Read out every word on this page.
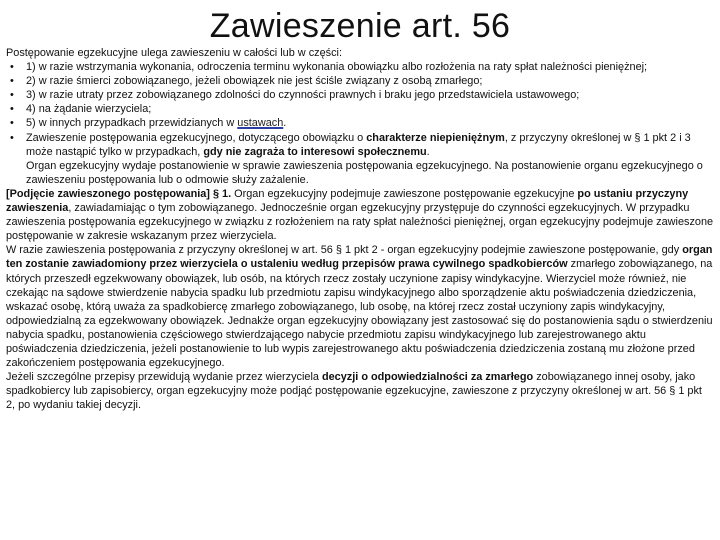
Zawieszenie art. 56

Postępowanie egzekucyjne ulega zawieszeniu w całości lub w części:

• 1) w razie wstrzymania wykonania, odroczenia terminu wykonania obowiązku albo rozłożenia na raty spłat należności pieniężnej;

• 2) w razie śmierci zobowiązanego, jeżeli obowiązek nie jest ściśle związany z osobą zmarłego;

• 3) w razie utraty przez zobowiązanego zdolności do czynności prawnych i braku jego przedstawiciela ustawowego;

• 4) na żądanie wierzyciela;

• 5) w innych przypadkach przewidzianych w ustawach.

• Zawieszenie postępowania egzekucyjnego, dotyczącego obowiązku o charakterze niepieniężnym, z przyczyny określonej w § 1 pkt 2 i 3 może nastąpić tylko w przypadkach, gdy nie zagraża to interesowi społecznemu.

Organ egzekucyjny wydaje postanowienie w sprawie zawieszenia postępowania egzekucyjnego. Na postanowienie organu egzekucyjnego o zawieszeniu postępowania lub o odmowie służy zażalenie.

[Podjęcie zawieszonego postępowania] § 1. Organ egzekucyjny podejmuje zawieszone postępowanie egzekucyjne po ustaniu przyczyny zawieszenia, zawiadamiając o tym zobowiązanego. Jednocześnie organ egzekucyjny przystępuje do czynności egzekucyjnych. W przypadku zawieszenia postępowania egzekucyjnego w związku z rozłożeniem na raty spłat należności pieniężnej, organ egzekucyjny podejmuje zawieszone postępowanie w zakresie wskazanym przez wierzyciela.

W razie zawieszenia postępowania z przyczyny określonej w art. 56 § 1 pkt 2 - organ egzekucyjny podejmie zawieszone postępowanie, gdy organ ten zostanie zawiadomiony przez wierzyciela o ustaleniu według przepisów prawa cywilnego spadkobierców zmarłego zobowiązanego, na których przeszedł egzekwowany obowiązek, lub osób, na których rzecz zostały uczynione zapisy windykacyjne. Wierzyciel może również, nie czekając na sądowe stwierdzenie nabycia spadku lub przedmiotu zapisu windykacyjnego albo sporządzenie aktu poświadczenia dziedziczenia, wskazać osobę, którą uważa za spadkobiercę zmarłego zobowiązanego, lub osobę, na której rzecz został uczyniony zapis windykacyjny, odpowiedzialną za egzekwowany obowiązek. Jednakże organ egzekucyjny obowiązany jest zastosować się do postanowienia sądu o stwierdzeniu nabycia spadku, postanowienia częściowego stwierdzającego nabycie przedmiotu zapisu windykacyjnego lub zarejestrowanego aktu poświadczenia dziedziczenia, jeżeli postanowienie to lub wypis zarejestrowanego aktu poświadczenia dziedziczenia zostaną mu złożone przed zakończeniem postępowania egzekucyjnego.

Jeżeli szczególne przepisy przewidują wydanie przez wierzyciela decyzji o odpowiedzialności za zmarłego zobowiązanego innej osoby, jako spadkobiercy lub zapisobiercy, organ egzekucyjny może podjąć postępowanie egzekucyjne, zawieszone z przyczyny określonej w art. 56 § 1 pkt 2, po wydaniu takiej decyzji.
